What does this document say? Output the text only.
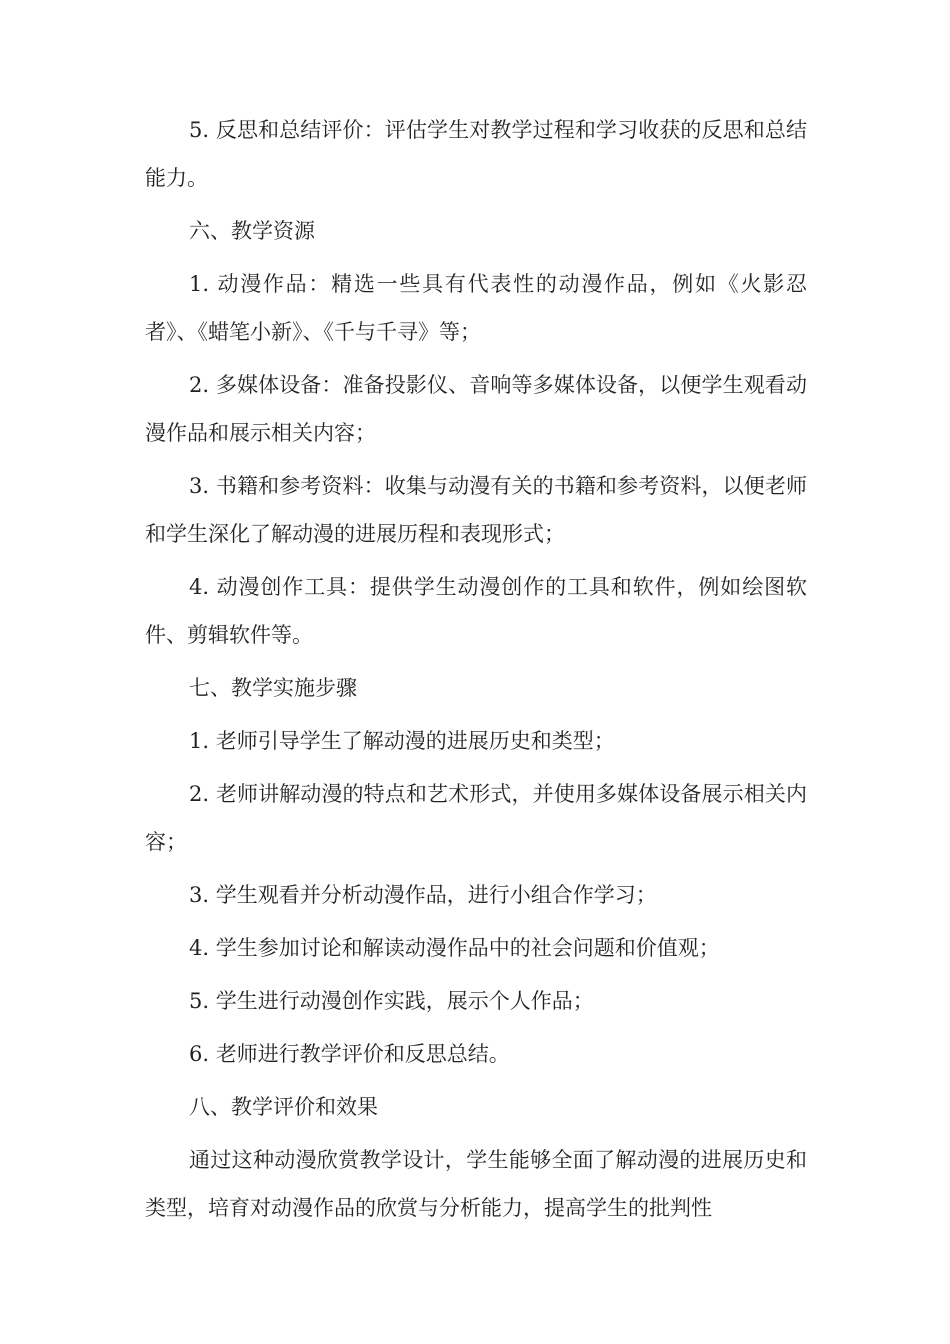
5. 反思和总结评价：评估学生对教学过程和学习收获的反思和总结能力。

六、教学资源

1. 动漫作品：精选一些具有代表性的动漫作品，例如《火影忍者》、《蜡笔小新》、《千与千寻》等；

2. 多媒体设备：准备投影仪、音响等多媒体设备，以便学生观看动漫作品和展示相关内容；

3. 书籍和参考资料：收集与动漫有关的书籍和参考资料，以便老师和学生深化了解动漫的进展历程和表现形式；

4. 动漫创作工具：提供学生动漫创作的工具和软件，例如绘图软件、剪辑软件等。

七、教学实施步骤

1. 老师引导学生了解动漫的进展历史和类型；

2. 老师讲解动漫的特点和艺术形式，并使用多媒体设备展示相关内容；

3. 学生观看并分析动漫作品，进行小组合作学习；

4. 学生参加讨论和解读动漫作品中的社会问题和价值观；

5. 学生进行动漫创作实践，展示个人作品；

6. 老师进行教学评价和反思总结。

八、教学评价和效果

通过这种动漫欣赏教学设计，学生能够全面了解动漫的进展历史和类型，培育对动漫作品的欣赏与分析能力，提高学生的批判性
